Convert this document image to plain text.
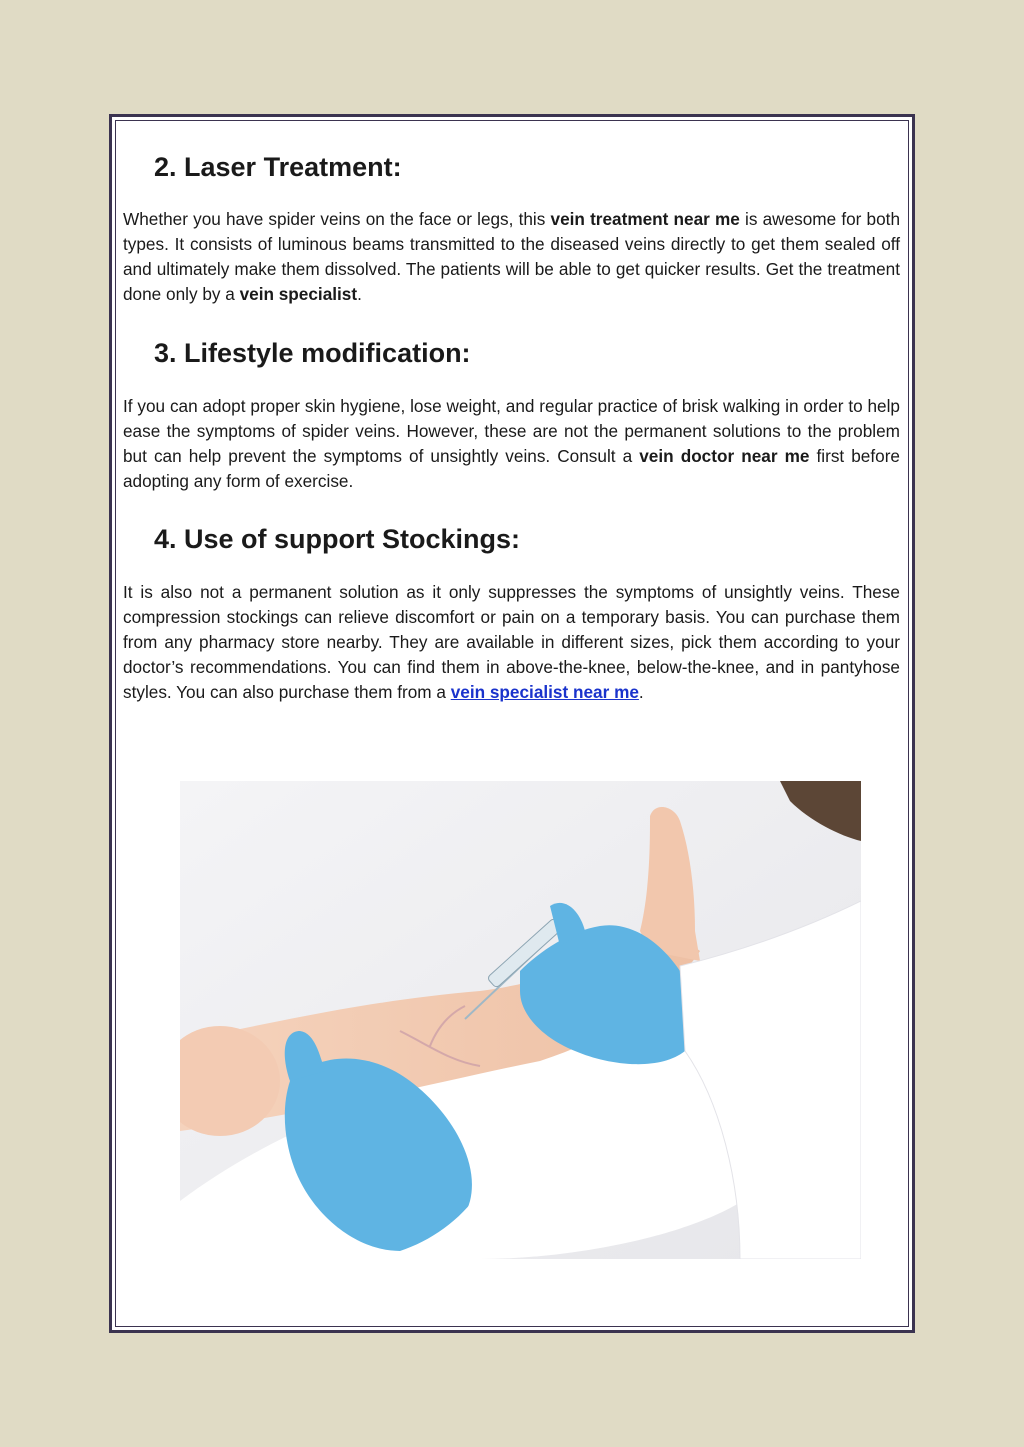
2. Laser Treatment:

Whether you have spider veins on the face or legs, this vein treatment near me is awesome for both types. It consists of luminous beams transmitted to the diseased veins directly to get them sealed off and ultimately make them dissolved. The patients will be able to get quicker results. Get the treatment done only by a vein specialist.

3. Lifestyle modification:

If you can adopt proper skin hygiene, lose weight, and regular practice of brisk walking in order to help ease the symptoms of spider veins. However, these are not the permanent solutions to the problem but can help prevent the symptoms of unsightly veins. Consult a vein doctor near me first before adopting any form of exercise.

4. Use of support Stockings:

It is also not a permanent solution as it only suppresses the symptoms of unsightly veins. These compression stockings can relieve discomfort or pain on a temporary basis. You can purchase them from any pharmacy store nearby. They are available in different sizes, pick them according to your doctor’s recommendations. You can find them in above-the-knee, below-the-knee, and in pantyhose styles. You can also purchase them from a vein specialist near me.
